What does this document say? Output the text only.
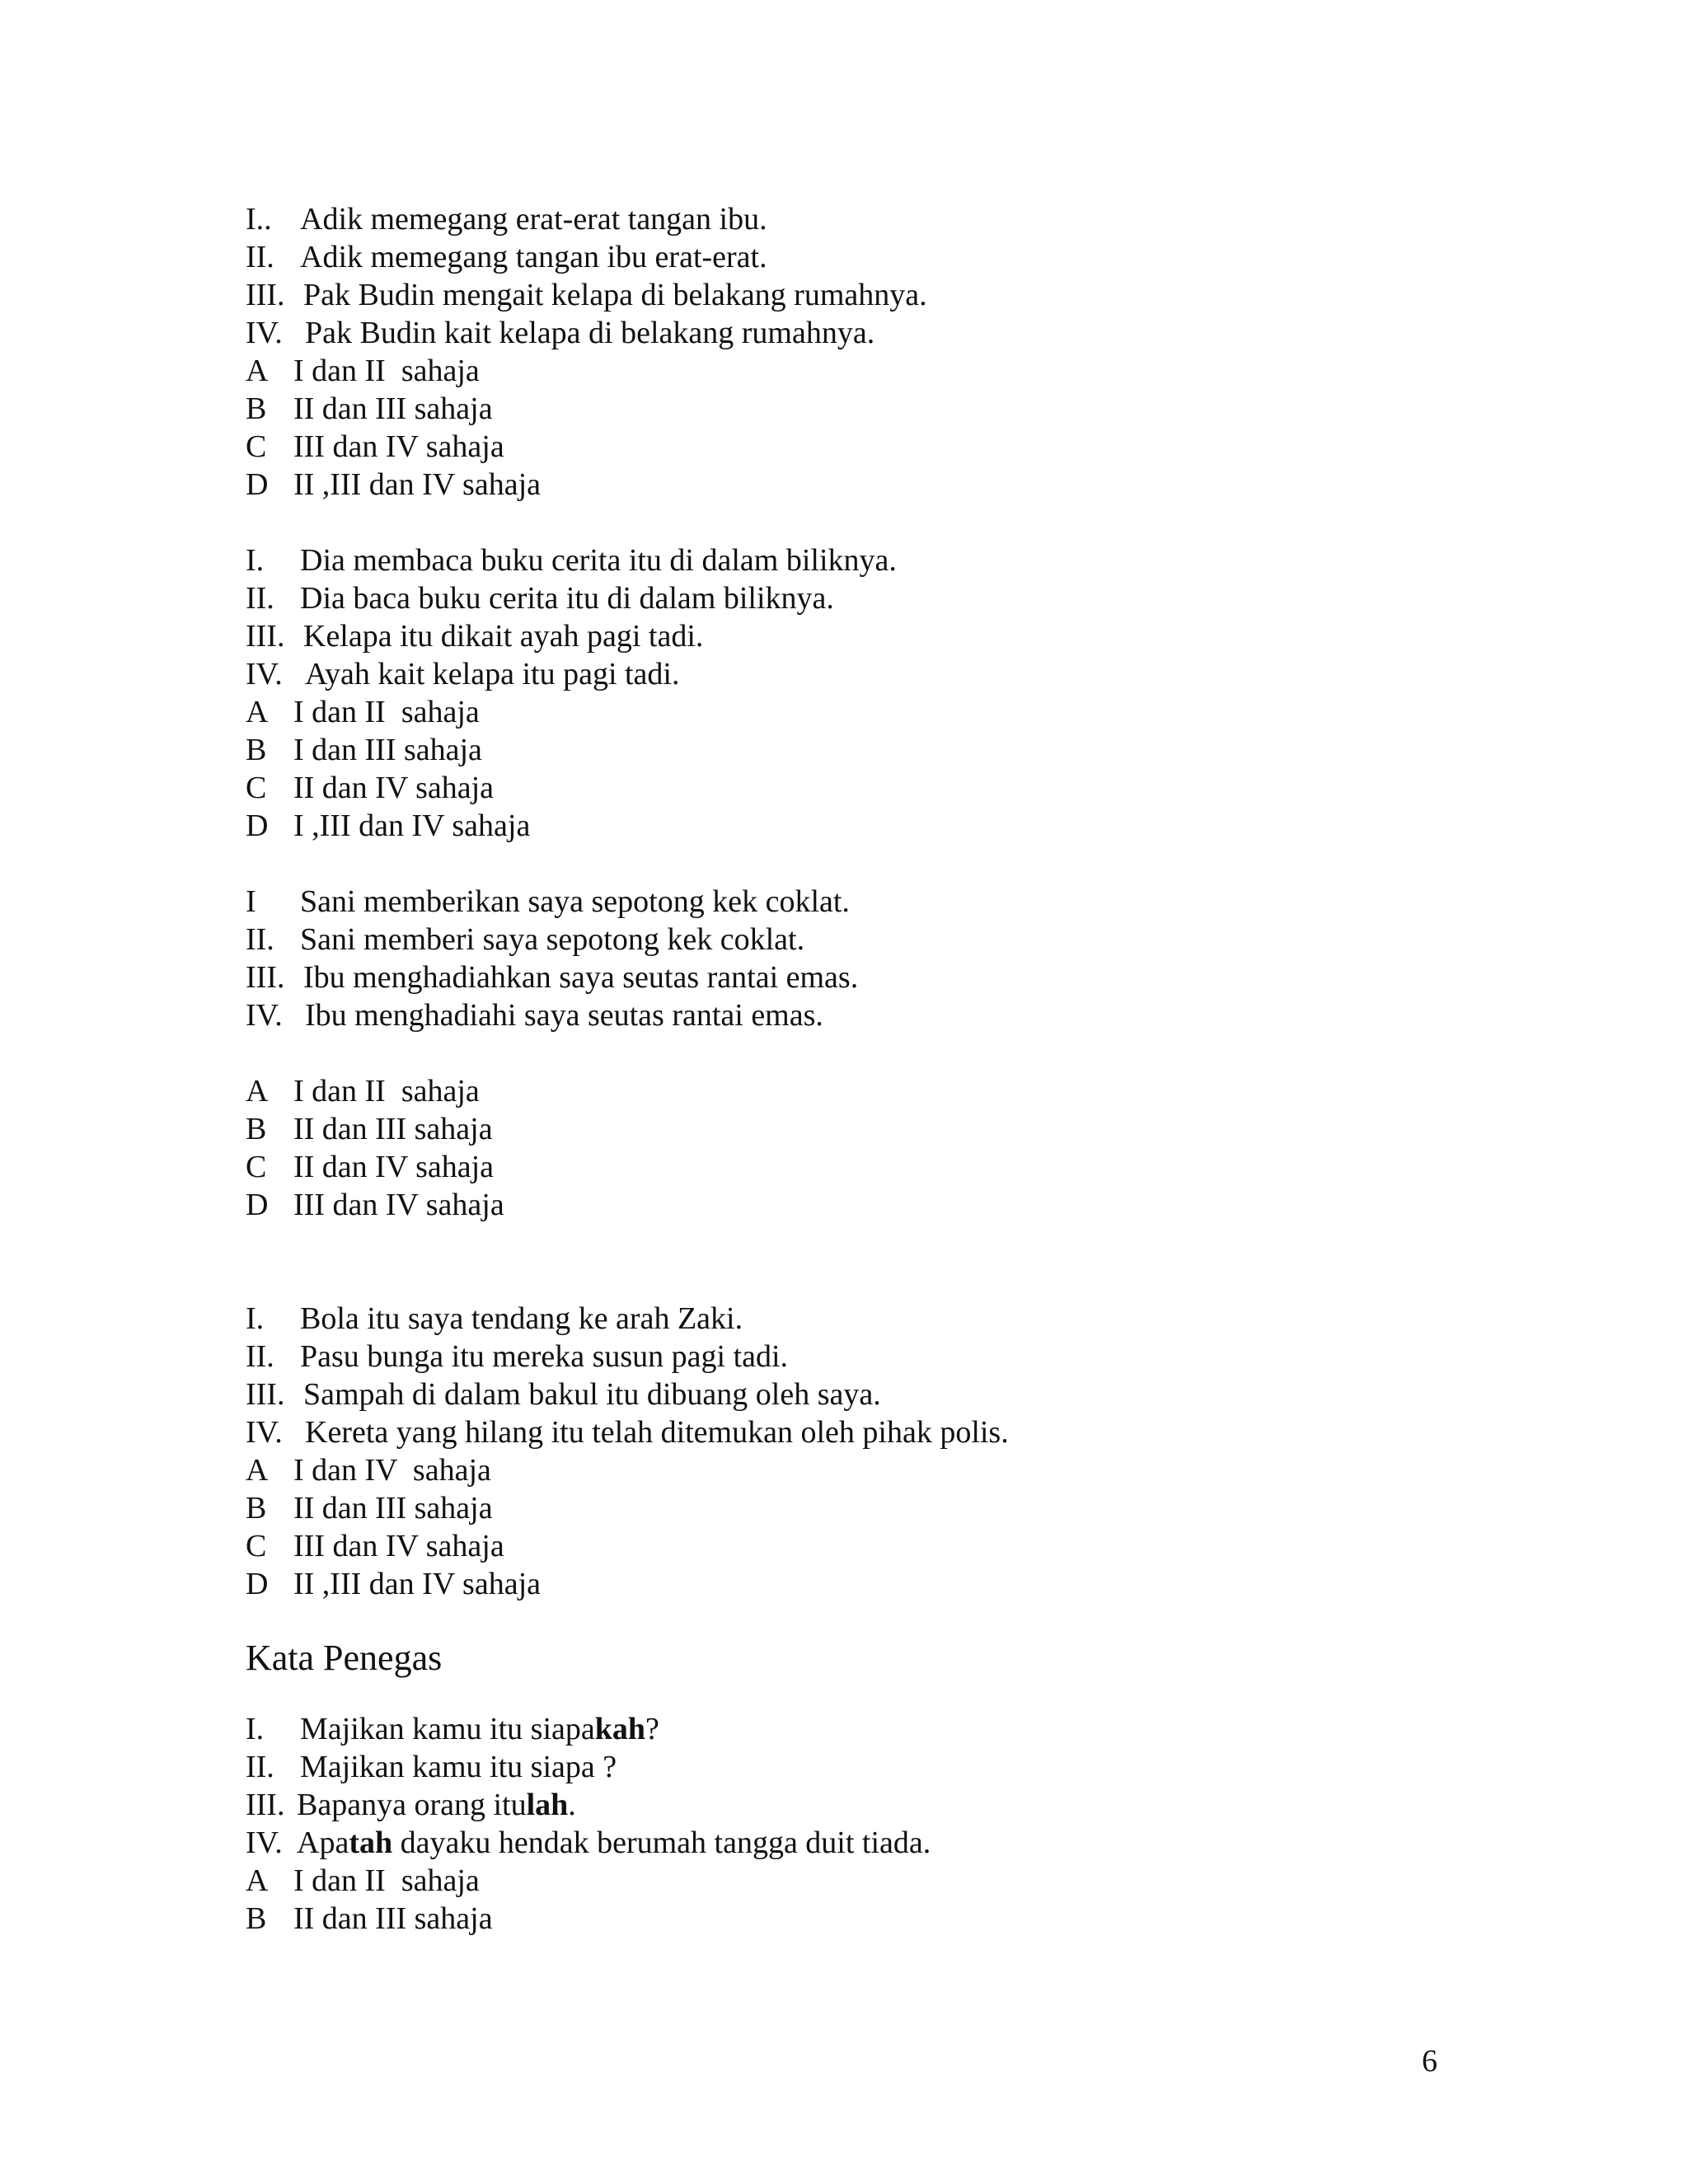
I.. Adik memegang erat-erat tangan ibu.
II. Adik memegang tangan ibu erat-erat.
III. Pak Budin mengait kelapa di belakang rumahnya.
IV. Pak Budin kait kelapa di belakang rumahnya.
A I dan II  sahaja
B II dan III sahaja
C III dan IV sahaja
D II ,III dan IV sahaja
I. Dia membaca buku cerita itu di dalam biliknya.
II. Dia baca buku cerita itu di dalam biliknya.
III. Kelapa itu dikait ayah pagi tadi.
IV. Ayah kait kelapa itu pagi tadi.
A I dan II  sahaja
B I dan III sahaja
C II dan IV sahaja
D I ,III dan IV sahaja
I Sani memberikan saya sepotong kek coklat.
II. Sani memberi saya sepotong kek coklat.
III. Ibu menghadiahkan saya seutas rantai emas.
IV. Ibu menghadiahi saya seutas rantai emas.
A I dan II  sahaja
B II dan III sahaja
C II dan IV sahaja
D III dan IV sahaja
I. Bola itu saya tendang ke arah Zaki.
II. Pasu bunga itu mereka susun pagi tadi.
III. Sampah di dalam bakul itu dibuang oleh saya.
IV. Kereta yang hilang itu telah ditemukan oleh pihak polis.
A I dan IV  sahaja
B II dan III sahaja
C III dan IV sahaja
D II ,III dan IV sahaja
Kata Penegas
I. Majikan kamu itu siapakah?
II. Majikan kamu itu siapa ?
III. Bapanya orang itulah.
IV. Apatah dayaku hendak berumah tangga duit tiada.
A I dan II  sahaja
B II dan III sahaja
6
